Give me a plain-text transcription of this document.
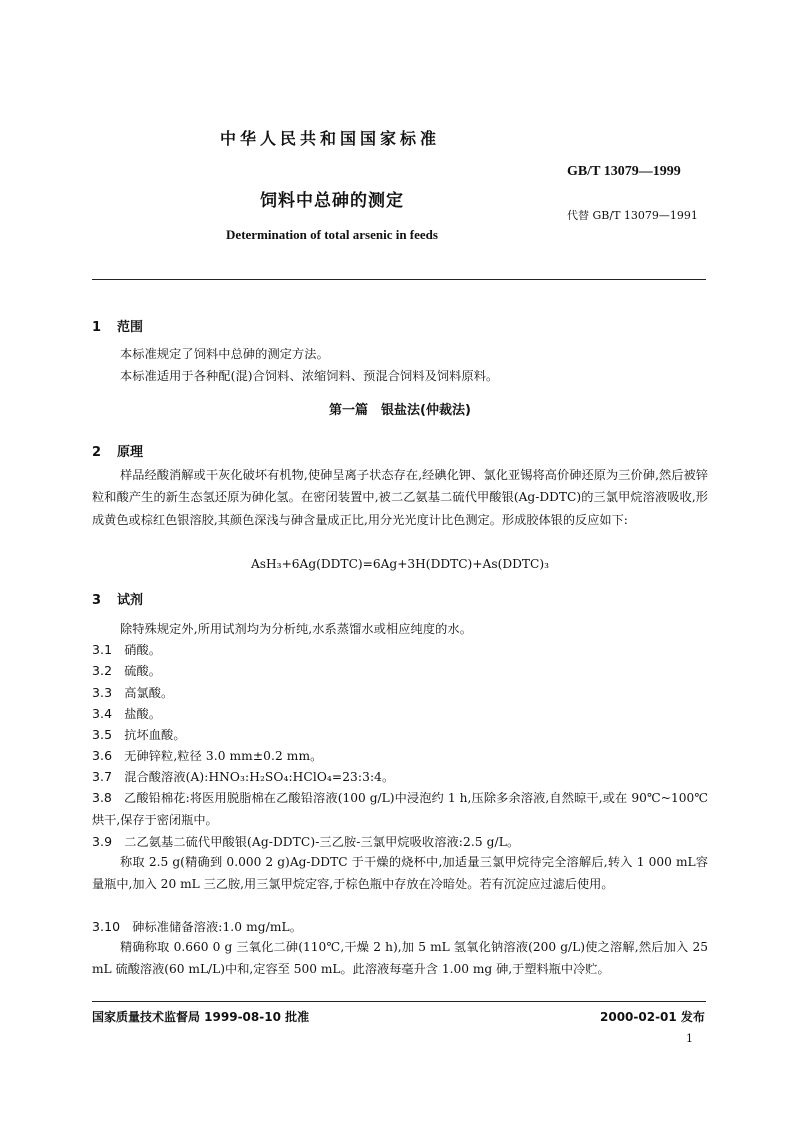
中华人民共和国国家标准
GB/T 13079—1999
饲料中总砷的测定
代替 GB/T 13079—1991
Determination of total arsenic in feeds
1 范围
本标准规定了饲料中总砷的测定方法。
本标准适用于各种配(混)合饲料、浓缩饲料、预混合饲料及饲料原料。
第一篇　银盐法(仲裁法)
2 原理
样品经酸消解或干灰化破坏有机物,使砷呈离子状态存在,经碘化钾、氯化亚锡将高价砷还原为三价砷,然后被锌粒和酸产生的新生态氢还原为砷化氢。在密闭装置中,被二乙氨基二硫代甲酸银(Ag-DDTC)的三氯甲烷溶液吸收,形成黄色或棕红色银溶胶,其颜色深浅与砷含量成正比,用分光光度计比色测定。形成胶体银的反应如下:
AsH₃+6Ag(DDTC)=6Ag+3H(DDTC)+As(DDTC)₃
3 试剂
除特殊规定外,所用试剂均为分析纯,水系蒸馏水或相应纯度的水。
3.1 硝酸。
3.2 硫酸。
3.3 高氯酸。
3.4 盐酸。
3.5 抗坏血酸。
3.6 无砷锌粒,粒径 3.0 mm±0.2 mm。
3.7 混合酸溶液(A):HNO₃:H₂SO₄:HClO₄=23:3:4。
3.8 乙酸铅棉花:将医用脱脂棉在乙酸铅溶液(100 g/L)中浸泡约 1 h,压除多余溶液,自然晾干,或在 90℃~100℃烘干,保存于密闭瓶中。
3.9 二乙氨基二硫代甲酸银(Ag-DDTC)-三乙胺-三氯甲烷吸收溶液:2.5 g/L。
称取 2.5 g(精确到 0.000 2 g)Ag-DDTC 于干燥的烧杯中,加适量三氯甲烷待完全溶解后,转入 1 000 mL容量瓶中,加入 20 mL 三乙胺,用三氯甲烷定容,于棕色瓶中存放在冷暗处。若有沉淀应过滤后使用。
3.10 砷标准储备溶液:1.0 mg/mL。
精确称取 0.660 0 g 三氧化二砷(110℃,干燥 2 h),加 5 mL 氢氧化钠溶液(200 g/L)使之溶解,然后加入 25 mL 硫酸溶液(60 mL/L)中和,定容至 500 mL。此溶液每毫升含 1.00 mg 砷,于塑料瓶中冷贮。
国家质量技术监督局 1999-08-10 批准	2000-02-01 发布
1
